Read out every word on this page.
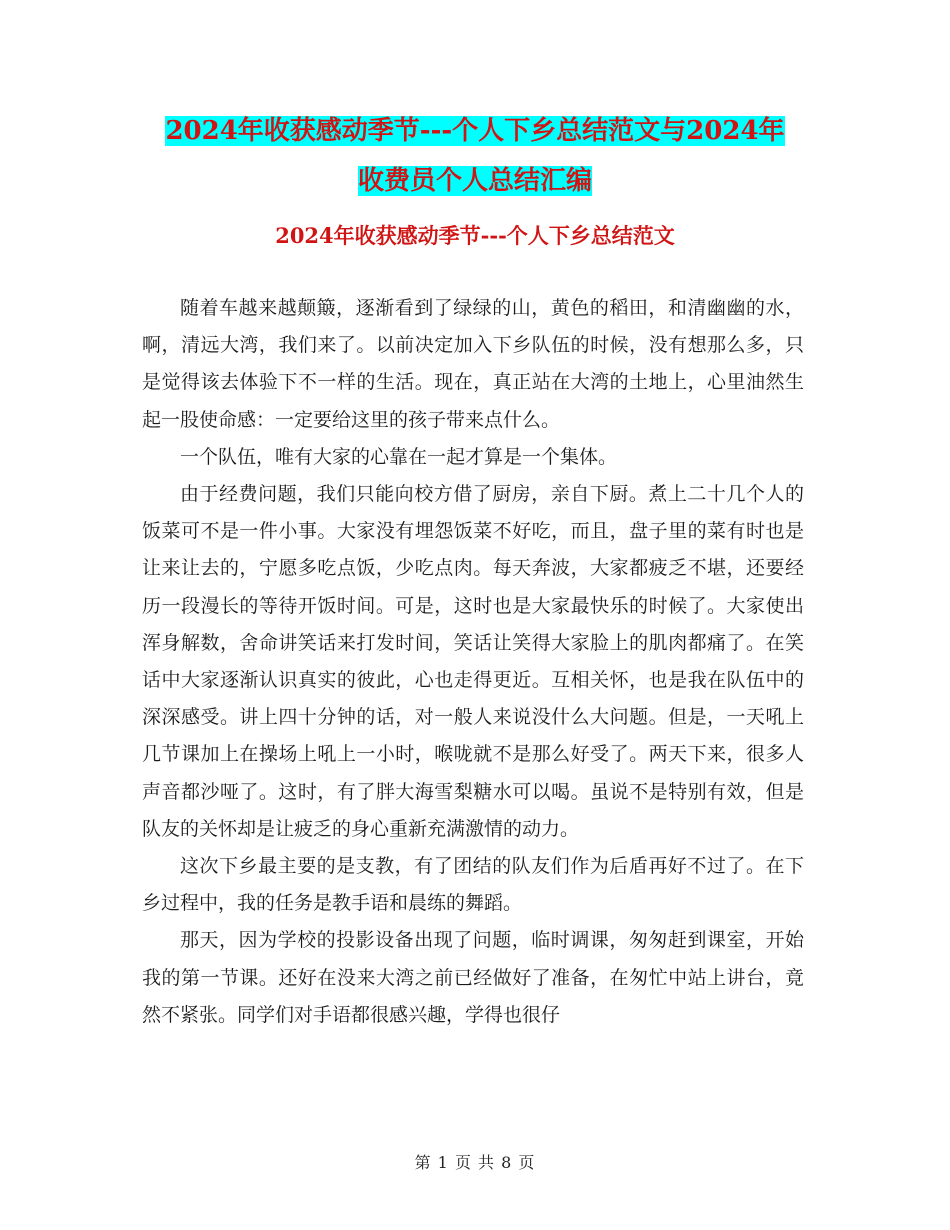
2024年收获感动季节---个人下乡总结范文与2024年
收费员个人总结汇编
2024年收获感动季节---个人下乡总结范文

随着车越来越颠簸，逐渐看到了绿绿的山，黄色的稻田，和清幽幽的水，啊，清远大湾，我们来了。以前决定加入下乡队伍的时候，没有想那么多，只是觉得该去体验下不一样的生活。现在，真正站在大湾的土地上，心里油然生起一股使命感：一定要给这里的孩子带来点什么。

一个队伍，唯有大家的心靠在一起才算是一个集体。

由于经费问题，我们只能向校方借了厨房，亲自下厨。煮上二十几个人的饭菜可不是一件小事。大家没有埋怨饭菜不好吃，而且，盘子里的菜有时也是让来让去的，宁愿多吃点饭，少吃点肉。每天奔波，大家都疲乏不堪，还要经历一段漫长的等待开饭时间。可是，这时也是大家最快乐的时候了。大家使出浑身解数，舍命讲笑话来打发时间，笑话让笑得大家脸上的肌肉都痛了。在笑话中大家逐渐认识真实的彼此，心也走得更近。互相关怀，也是我在队伍中的深深感受。讲上四十分钟的话，对一般人来说没什么大问题。但是，一天吼上几节课加上在操场上吼上一小时，喉咙就不是那么好受了。两天下来，很多人声音都沙哑了。这时，有了胖大海雪梨糖水可以喝。虽说不是特别有效，但是队友的关怀却是让疲乏的身心重新充满激情的动力。

这次下乡最主要的是支教，有了团结的队友们作为后盾再好不过了。在下乡过程中，我的任务是教手语和晨练的舞蹈。

那天，因为学校的投影设备出现了问题，临时调课，匆匆赶到课室，开始我的第一节课。还好在没来大湾之前已经做好了准备，在匆忙中站上讲台，竟然不紧张。同学们对手语都很感兴趣，学得也很仔

第 1 页 共 8 页
